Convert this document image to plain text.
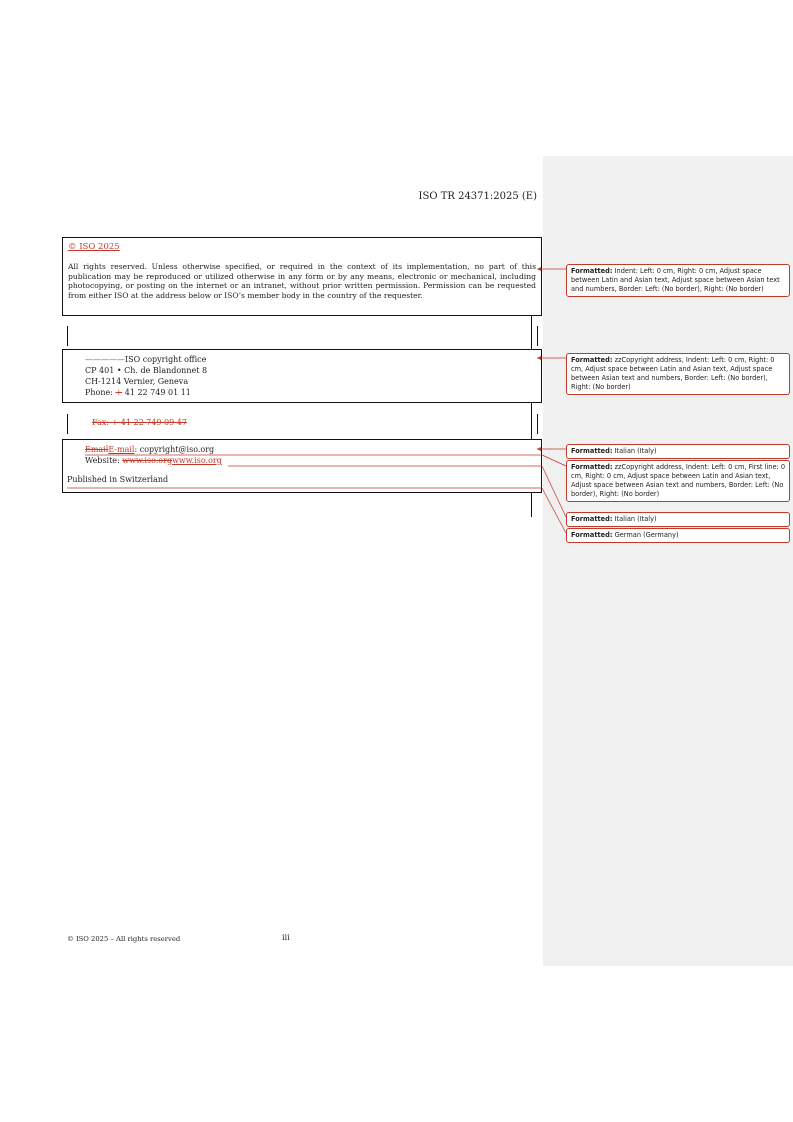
ISO TR 24371:2025 (E)
© ISO 2025
All rights reserved. Unless otherwise specified, or required in the context of its implementation, no part of this publication may be reproduced or utilized otherwise in any form or by any means, electronic or mechanical, including photocopying, or posting on the internet or an intranet, without prior written permission. Permission can be requested from either ISO at the address below or ISO’s member body in the country of the requester.
—————ISO copyright office
CP 401 • Ch. de Blandonnet 8
CH-1214 Vernier, Geneva
Phone: + 41 22 749 01 11
Fax: + 41 22 749 09 47
EmailE-mail: copyright@iso.org
Website: www.iso.orgwww.iso.org
Published in Switzerland
Formatted: Indent: Left: 0 cm, Right: 0 cm, Adjust space between Latin and Asian text, Adjust space between Asian text and numbers, Border: Left: (No border), Right: (No border)
Formatted: zzCopyright address, Indent: Left: 0 cm, Right: 0 cm, Adjust space between Latin and Asian text, Adjust space between Asian text and numbers, Border: Left: (No border), Right: (No border)
Formatted: Italian (Italy)
Formatted: zzCopyright address, Indent: Left: 0 cm, First line: 0 cm, Right: 0 cm, Adjust space between Latin and Asian text, Adjust space between Asian text and numbers, Border: Left: (No border), Right: (No border)
Formatted: Italian (Italy)
Formatted: German (Germany)
© ISO 2025 – All rights reserved	iii
